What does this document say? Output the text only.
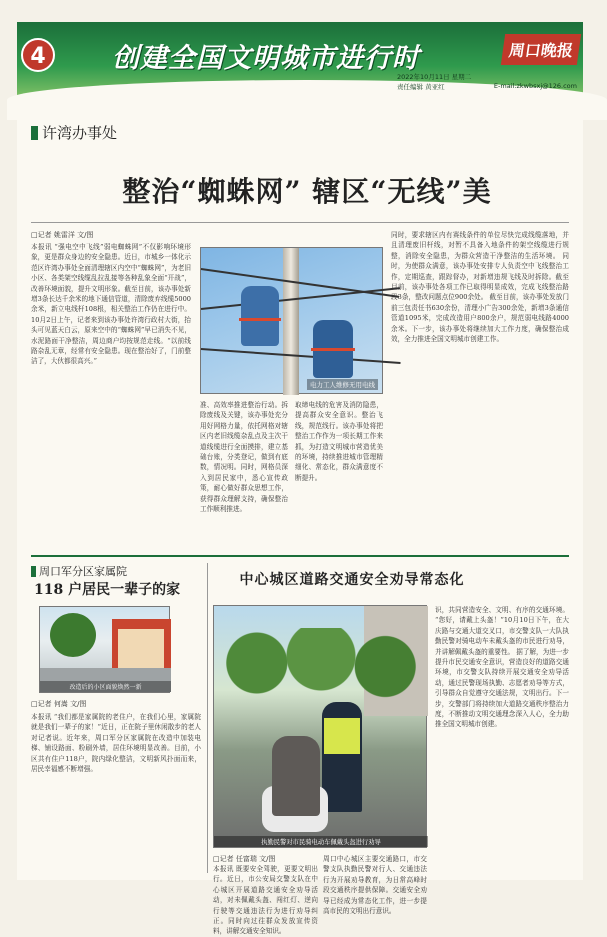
4	创建全国文明城市进行时	周口晚报
2022年10月11日 星期二
责任编辑 黄亚红	E-mail:zkwbsxj@126.com
许湾办事处
整治“蜘蛛网” 辖区“无线”美
□记者 姚雷洋 文/图
本报讯 “强电空中飞线”弱电蜘蛛网”不仅影响环境形象，更是群众身边的安全隐患。近日，市城乡一体化示范区许湾办事处全面清理辖区内空中“蜘蛛网”，为老旧小区、各类架空线缆乱拉乱接等各种乱象全面“开战”，改善环境面貌，提升文明形象。截至目前，该办事处新增3条长达千余米的地下通信管道，清除废弃线缆5000余米，新立电线杆108根，相关整治工作仍在进行中。 10月2日上午，记者来到该办事处许湾行政村大街，抬头可见蓝天白云，原来空中的“蜘蛛网”早已消失不见，水泥路面干净整洁，周边商户均按规范走线。“以前线路杂乱无章，经常有安全隐患。现在整治好了，门前整洁了，大伙都很高兴。”
电力工人维修无用电线
准、高效率推进整治行动。拆除废线及关键，该办事处充分用好网格力量，依托网格对辖区内老旧线缆杂乱点及主次干道线缆进行全面摸排，建立基础台账，分类登记，做到有底数，情况明。同时，网格员深入到居民家中，悉心宣传政策，耐心做好群众思想工作，获得群众理解支持，确保整治工作顺利推进。
取缔电线的危害及消防隐患，提高群众安全意识。整治飞线，规范线行。该办事处将把整治工作作为一项长期工作来抓，为打造文明城市营造优美的环境，持续推进城市管理精细化、常态化，群众满意度不断提升。
同时，要求辖区内有赛线条件的单位尽快完成线缆落地，并且清理废旧杆线，对暂不具备入地条件的架空线缆进行规整，消除安全隐患，为群众营造干净整洁的生活环境。 同时，为使群众满意，该办事处安排专人负责空中飞线整治工作，定期巡查，跟踪督办，对新增违规飞线及时拆除。截至目前，该办事处各项工作已取得明显成效，完成飞线整治路段3条，整改问题点位900余处。 截至目前，该办事处发放门前三包责任书630余份，清理小广告300余处，新增3条通信管道1095米，完成改造用户800余户，规范弱电线路4000余米。下一步，该办事处将继续加大工作力度，确保整治成效，全力推进全国文明城市创建工作。
周口军分区家属院
118 户居民一辈子的家
改造后的小区面貌焕然一新
□记者 何嵩 文/图
本报讯 “我们都是家属院的老住户，在我们心里，家属院就是我们一辈子的家！”近日，正在院子里休闲散步的老人对记者说。近年来，周口军分区家属院在改造中加装电梯、铺设路面、粉刷外墙，居住环境明显改善。目前，小区共有住户118户，院内绿化整洁，文明新风扑面而来，居民幸福感不断增强。
中心城区道路交通安全劝导常态化
执勤民警对市民骑电动车佩戴头盔进行劝导
□记者 任富瑞 文/图
本报讯 既要安全驾驶，更要文明出行。近日，市公安局交警支队在中心城区开展道路交通安全劝导活动，对未佩戴头盔、闯红灯、逆向行驶等交通违法行为进行劝导纠正。同时向过往群众发放宣传资料，讲解交通安全知识。
周口中心城区主要交通路口，市交警支队执勤民警对行人、交通违法行为开展劝导教育，为日常高峰时段交通秩序提供保障。交通安全劝导已经成为常态化工作，进一步提高市民的文明出行意识。
识，共同营造安全、文明、有序的交通环境。 “您好，请戴上头盔！”10月10日下午，在大庆路与交通大道交叉口，市交警支队一大队执勤民警对骑电动车未戴头盔的市民进行劝导，并讲解佩戴头盔的重要性。 据了解，为进一步提升市民交通安全意识，营造良好的道路交通环境，市交警支队持续开展交通安全劝导活动，通过民警现场执勤、志愿者劝导等方式，引导群众自觉遵守交通法规，文明出行。下一步，交警部门将持续加大道路交通秩序整治力度，不断推动文明交通理念深入人心，全力助推全国文明城市创建。
